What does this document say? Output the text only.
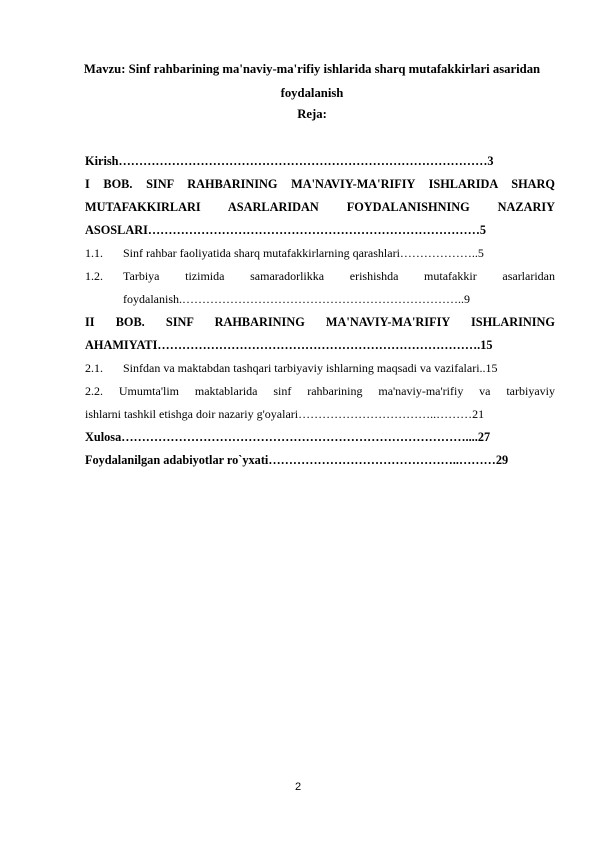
Mavzu: Sinf rahbarining ma'naviy-ma'rifiy ishlarida sharq mutafakkirlari asaridan foydalanish
Reja:
Kirish………………………………………………………………………………3
I BOB. SINF RAHBARINING MA'NAVIY-MA'RIFIY ISHLARIDA SHARQ
MUTAFAKKIRLARI ASARLARIDAN FOYDALANISHNING NAZARIY
ASOSLARI………………………………………………………………………5
1.1. Sinf rahbar faoliyatida sharq mutafakkirlarning qarashlari………………..5
1.2. Tarbiya tizimida samaradorlikka erishishda mutafakkir asarlaridan
foydalanish.……………………………………………………………..9
II BOB. SINF RAHBARINING MA'NAVIY-MA'RIFIY ISHLARINING
AHAMIYATI…………………………………………………………………….15
2.1. Sinfdan va maktabdan tashqari tarbiyaviy ishlarning maqsadi va vazifalari..15
2.2. Umumta'lim maktablarida sinf rahbarining ma'naviy-ma'rifiy va tarbiyaviy
ishlarni tashkil etishga doir nazariy g'oyalari……………………………..………21
Xulosa…………………………………………………………………………....27
Foydalanilgan adabiyotlar ro`yxati………………………………………..………29
2
